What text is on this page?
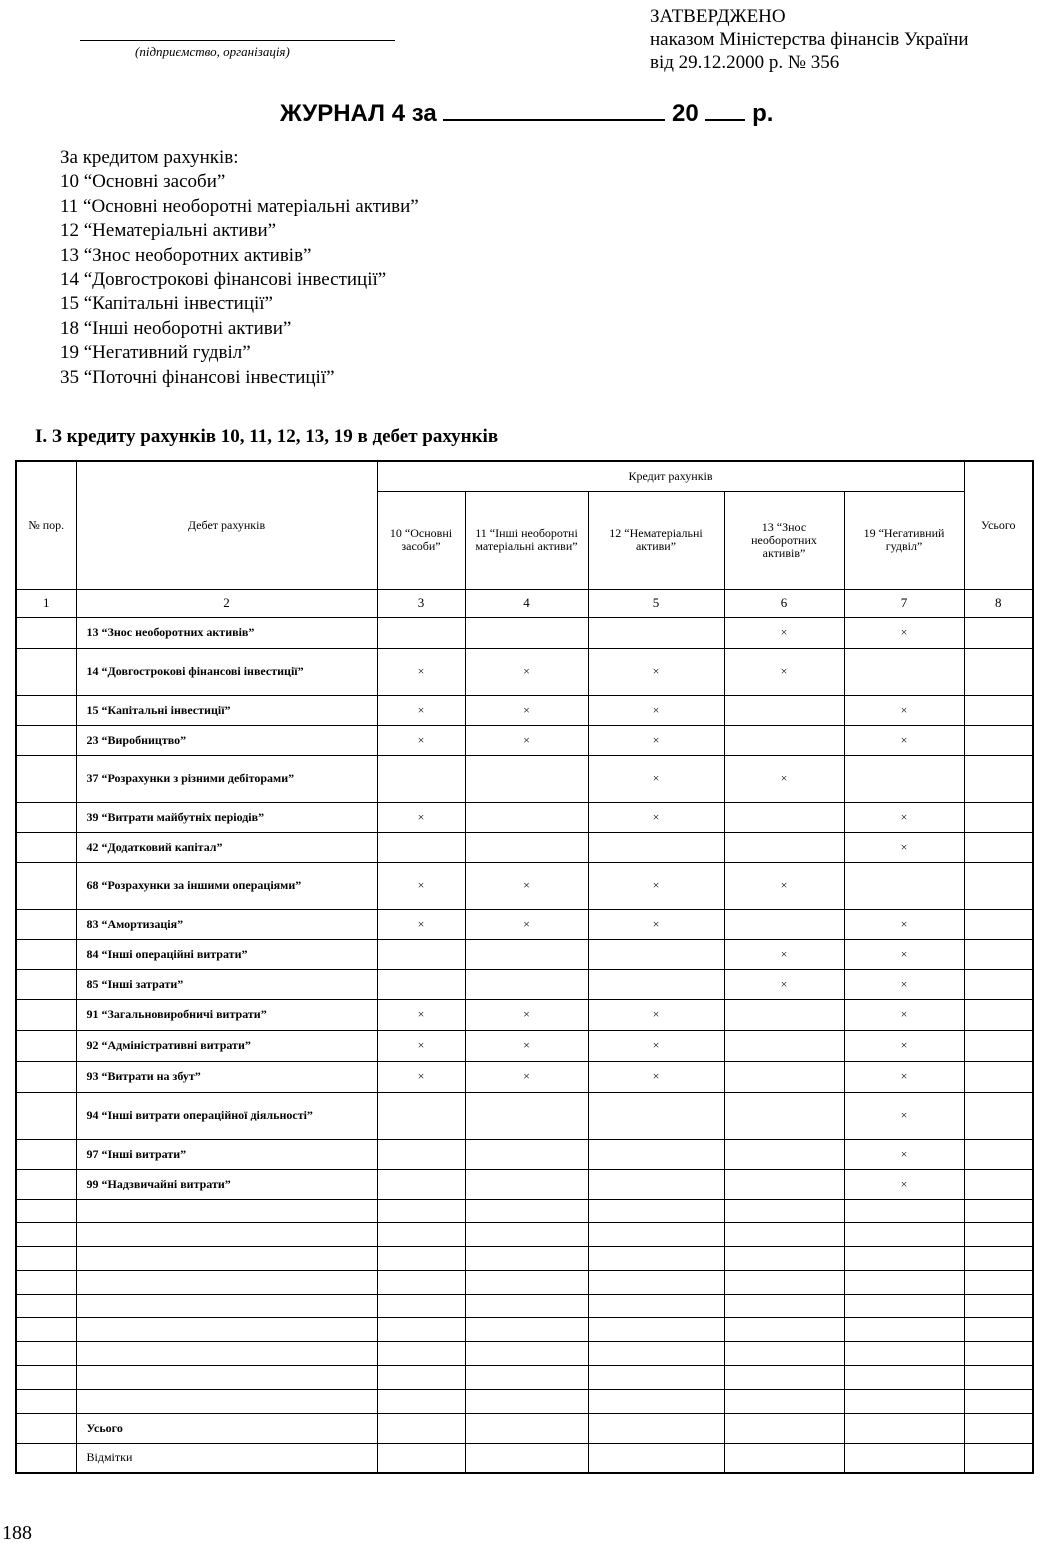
(підприємство, організація)
ЗАТВЕРДЖЕНО
наказом Міністерства фінансів України
від 29.12.2000 р. № 356
ЖУРНАЛ 4 за	20 р.
За кредитом рахунків:
10 “Основні засоби”
11 “Основні необоротні матеріальні активи”
12 “Нематеріальні активи”
13 “Знос необоротних активів”
14 “Довгострокові фінансові інвестиції”
15 “Капітальні інвестиції”
18 “Інші необоротні активи”
19 “Негативний гудвіл”
35 “Поточні фінансові інвестиції”
І. З кредиту рахунків 10, 11, 12, 13, 19 в дебет рахунків
№ пор.	Дебет рахунків	Кредит рахунків					Усього
		10 “Основні засоби”	11 “Інші необоротні матеріальні активи”	12 “Нематеріальні активи”	13 “Знос необоротних активів”	19 “Негативний гудвіл”	
1	2	3	4	5	6	7	8
	13 “Знос необоротних активів”				×	×	
	14 “Довгострокові фінансові інвестиції”	×	×	×	×		
	15 “Капітальні інвестиції”	×	×	×		×	
	23 “Виробництво”	×	×	×		×	
	37 “Розрахунки з різними дебіторами”			×	×		
	39 “Витрати майбутніх періодів”	×		×		×	
	42 “Додатковий капітал”					×	
	68 “Розрахунки за іншими операціями”	×	×	×	×		
	83 “Амортизація”	×	×	×		×	
	84 “Інші операційні витрати”				×	×	
	85 “Інші затрати”				×	×	
	91 “Загальновиробничі витрати”	×	×	×		×	
	92 “Адміністративні витрати”	×	×	×		×	
	93 “Витрати на збут”	×	×	×		×	
	94 “Інші витрати операційної діяльності”					×	
	97 “Інші витрати”					×	
	99 “Надзвичайні витрати”					×	

	Усього						
	Відмітки						
188
